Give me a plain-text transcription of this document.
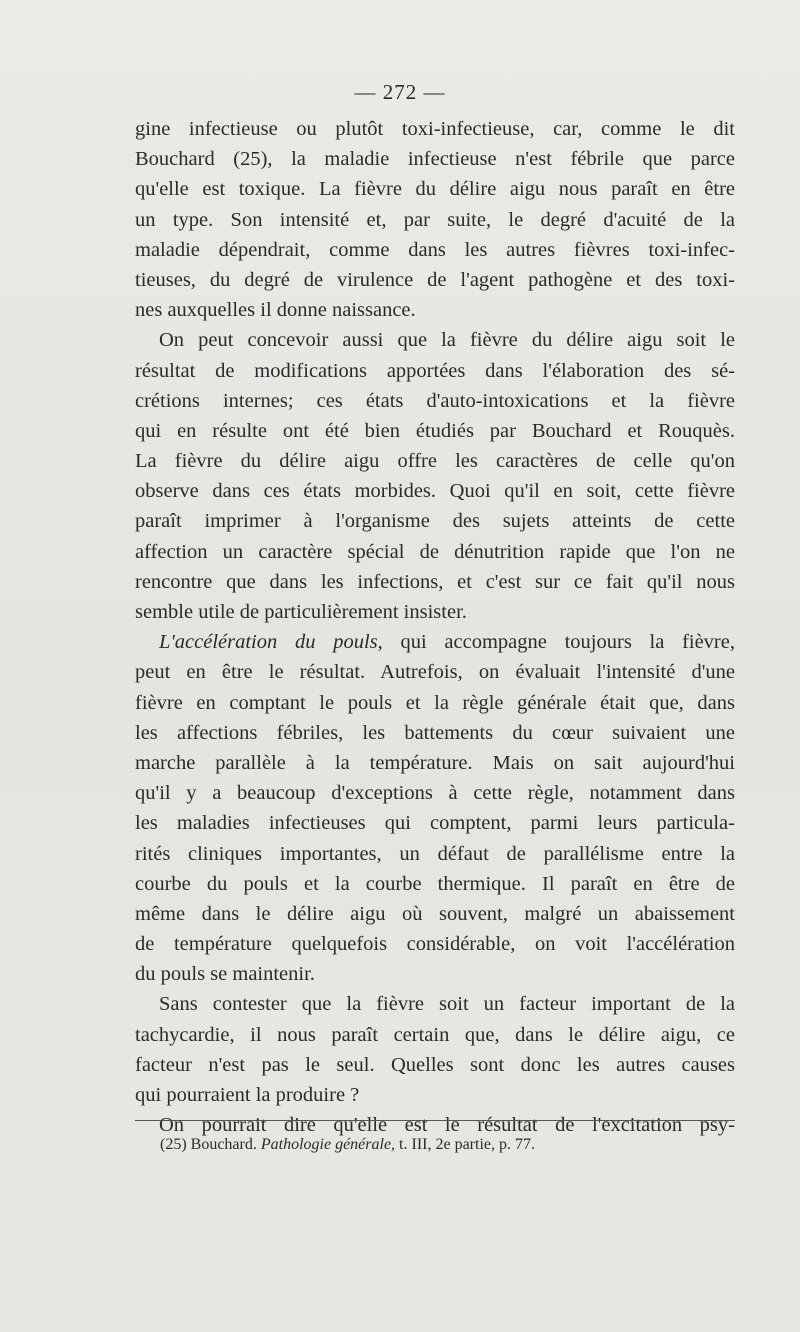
— 272 —
gine infectieuse ou plutôt toxi-infectieuse, car, comme le dit
Bouchard (25), la maladie infectieuse n'est fébrile que parce
qu'elle est toxique. La fièvre du délire aigu nous paraît en être
un type. Son intensité et, par suite, le degré d'acuité de la
maladie dépendrait, comme dans les autres fièvres toxi-infec-
tieuses, du degré de virulence de l'agent pathogène et des toxi-
nes auxquelles il donne naissance.
On peut concevoir aussi que la fièvre du délire aigu soit le
résultat de modifications apportées dans l'élaboration des sé-
crétions internes; ces états d'auto-intoxications et la fièvre
qui en résulte ont été bien étudiés par Bouchard et Rouquès.
La fièvre du délire aigu offre les caractères de celle qu'on
observe dans ces états morbides. Quoi qu'il en soit, cette fièvre
paraît imprimer à l'organisme des sujets atteints de cette
affection un caractère spécial de dénutrition rapide que l'on ne
rencontre que dans les infections, et c'est sur ce fait qu'il nous
semble utile de particulièrement insister.
L'accélération du pouls, qui accompagne toujours la fièvre,
peut en être le résultat. Autrefois, on évaluait l'intensité d'une
fièvre en comptant le pouls et la règle générale était que, dans
les affections fébriles, les battements du cœur suivaient une
marche parallèle à la température. Mais on sait aujourd'hui
qu'il y a beaucoup d'exceptions à cette règle, notamment dans
les maladies infectieuses qui comptent, parmi leurs particula-
rités cliniques importantes, un défaut de parallélisme entre la
courbe du pouls et la courbe thermique. Il paraît en être de
même dans le délire aigu où souvent, malgré un abaissement
de température quelquefois considérable, on voit l'accélération
du pouls se maintenir.
Sans contester que la fièvre soit un facteur important de la
tachycardie, il nous paraît certain que, dans le délire aigu, ce
facteur n'est pas le seul. Quelles sont donc les autres causes
qui pourraient la produire ?
On pourrait dire qu'elle est le résultat de l'excitation psy-
(25) Bouchard. Pathologie générale, t. III, 2e partie, p. 77.
